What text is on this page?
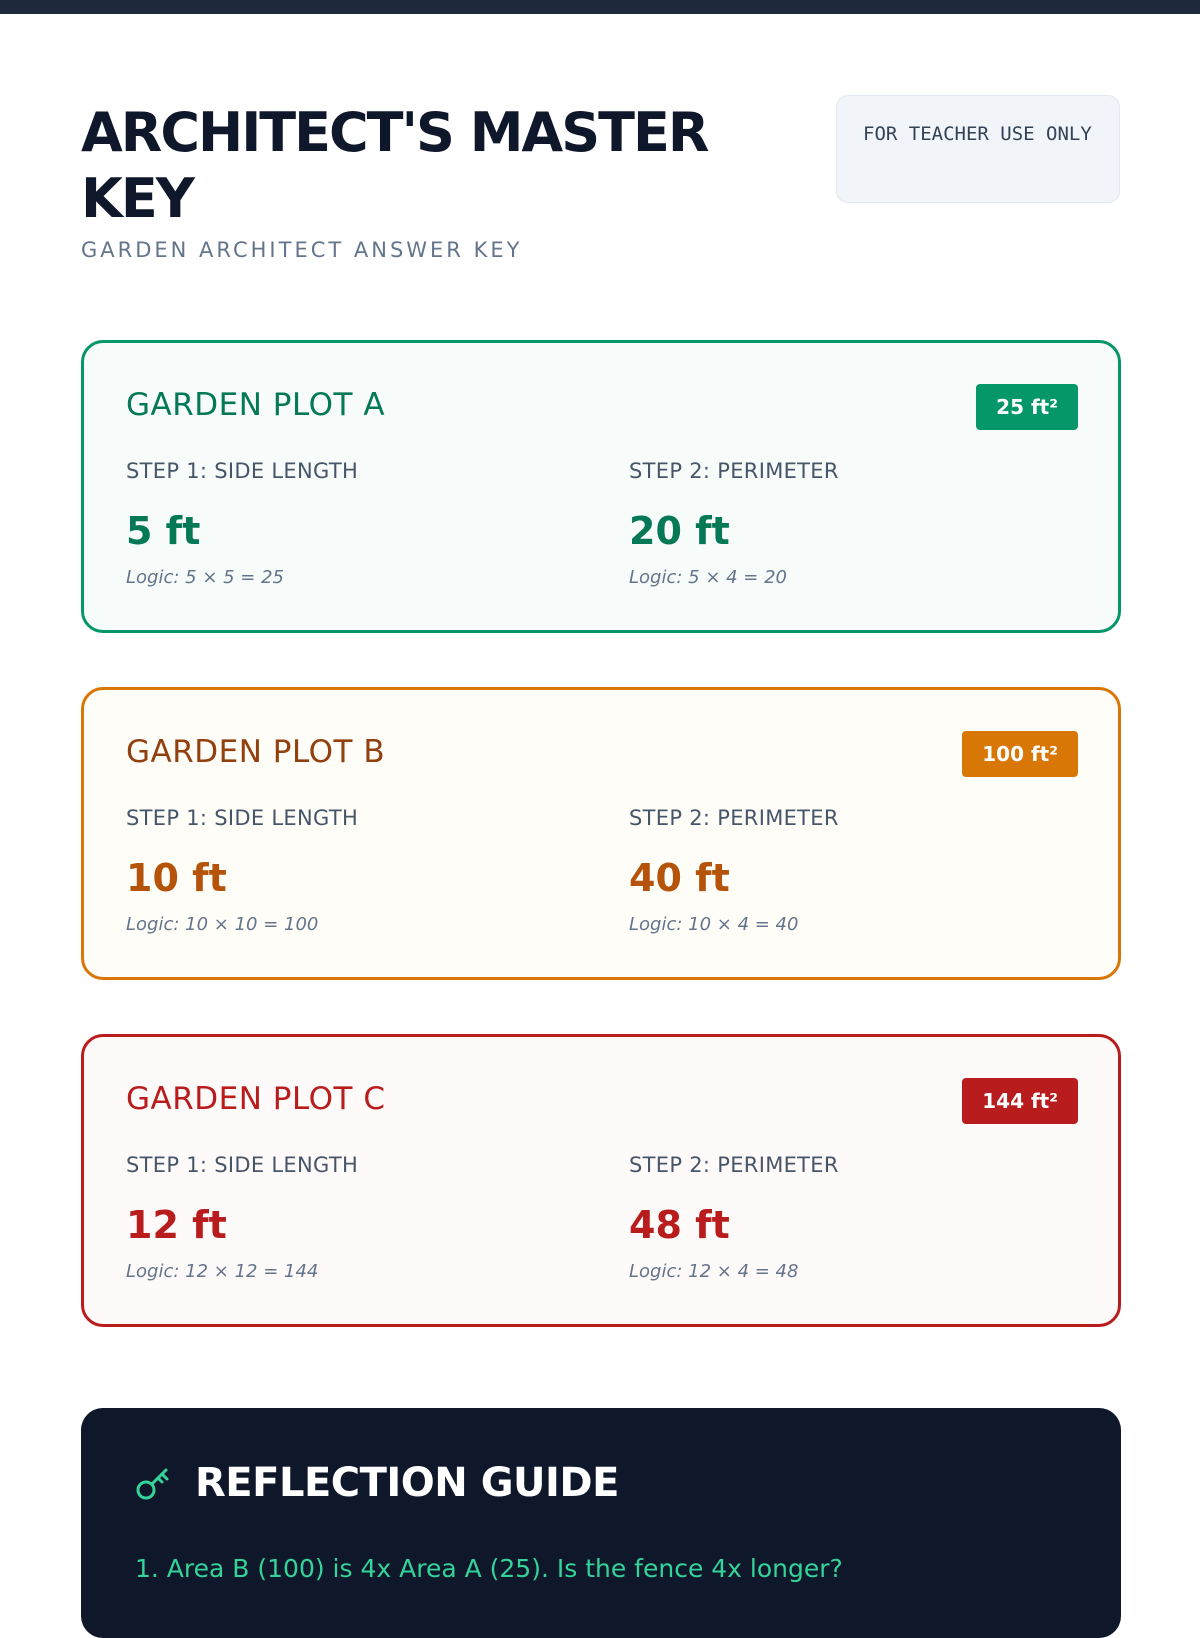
ARCHITECT'S MASTER KEY
GARDEN ARCHITECT ANSWER KEY
FOR TEACHER USE ONLY
GARDEN PLOT A	25 ft²
STEP 1: SIDE LENGTH
5 ft
Logic: 5 × 5 = 25
STEP 2: PERIMETER
20 ft
Logic: 5 × 4 = 20
GARDEN PLOT B	100 ft²
STEP 1: SIDE LENGTH
10 ft
Logic: 10 × 10 = 100
STEP 2: PERIMETER
40 ft
Logic: 10 × 4 = 40
GARDEN PLOT C	144 ft²
STEP 1: SIDE LENGTH
12 ft
Logic: 12 × 12 = 144
STEP 2: PERIMETER
48 ft
Logic: 12 × 4 = 48
REFLECTION GUIDE

1. Area B (100) is 4x Area A (25). Is the fence 4x longer?
